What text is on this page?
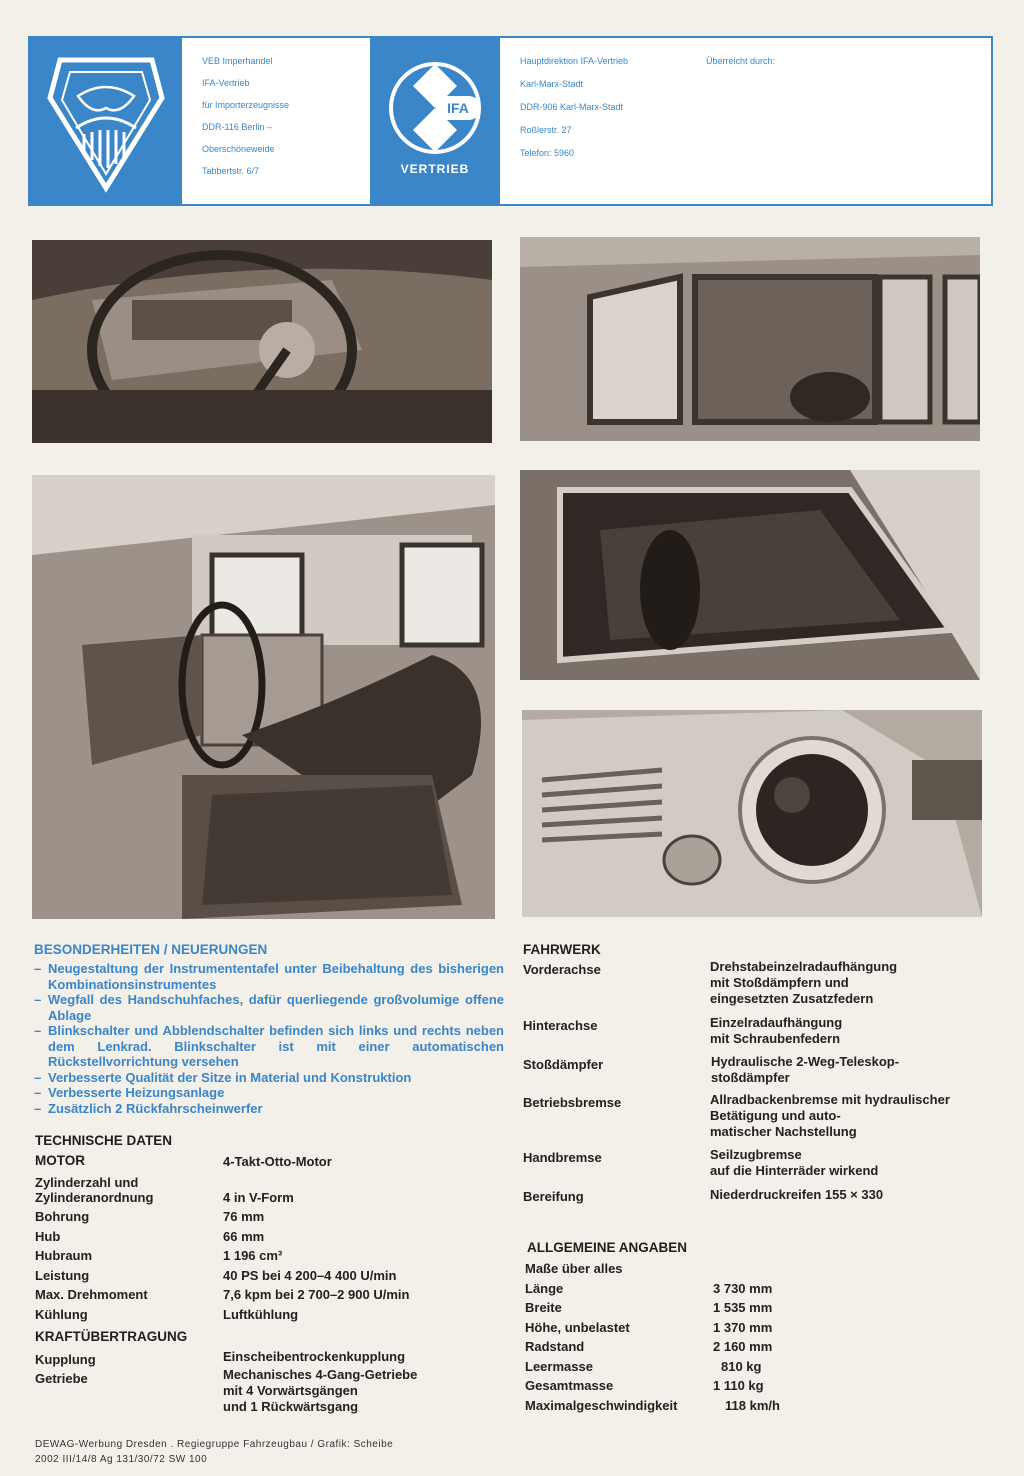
VEB Imperhandel
IFA-Vertrieb
für Importerzeugnisse
DDR-116 Berlin –
Oberschöneweide
Tabbertstr. 6/7
IFA
VERTRIEB
Hauptdirektion IFA-Vertrieb
Karl-Marx-Stadt
DDR-906 Karl-Marx-Stadt
Roßlerstr. 27
Telefon: 5960
Überreicht durch:
BESONDERHEITEN / NEUERUNGEN
– Neugestaltung der Instrumententafel unter Beibehaltung des bisherigen Kombinationsinstrumentes
– Wegfall des Handschuhfaches, dafür querliegende großvolumige offene Ablage
– Blinkschalter und Abblendschalter befinden sich links und rechts neben dem Lenkrad. Blinkschalter ist mit einer automatischen Rückstellvorrichtung versehen
– Verbesserte Qualität der Sitze in Material und Konstruktion
– Verbesserte Heizungsanlage
– Zusätzlich 2 Rückfahrscheinwerfer
TECHNISCHE DATEN
MOTOR	4-Takt-Otto-Motor
Zylinderzahl und
Zylinderanordnung	4 in V-Form
Bohrung	76 mm
Hub	66 mm
Hubraum	1 196 cm³
Leistung	40 PS bei 4 200–4 400 U/min
Max. Drehmoment	7,6 kpm bei 2 700–2 900 U/min
Kühlung	Luftkühlung
KRAFTÜBERTRAGUNG
Kupplung	Einscheibentrockenkupplung
Getriebe	Mechanisches 4-Gang-Getriebe
mit 4 Vorwärtsgängen
und 1 Rückwärtsgang
FAHRWERK
Vorderachse	Drehstabeinzelradaufhängung
mit Stoßdämpfern und
eingesetzten Zusatzfedern
Hinterachse	Einzelradaufhängung
mit Schraubenfedern
Stoßdämpfer	Hydraulische 2-Weg-Teleskop-
stoßdämpfer
Betriebsbremse	Allradbackenbremse mit hydraulischer
Betätigung und auto-
matischer Nachstellung
Handbremse	Seilzugbremse
auf die Hinterräder wirkend
Bereifung	Niederdruckreifen 155 × 330
ALLGEMEINE ANGABEN
Maße über alles
Länge	3 730 mm
Breite	1 535 mm
Höhe, unbelastet	1 370 mm
Radstand	2 160 mm
Leermasse	810 kg
Gesamtmasse	1 110 kg
Maximalgeschwindigkeit	118 km/h
DEWAG-Werbung Dresden . Regiegruppe Fahrzeugbau / Grafik: Scheibe
2002 III/14/8 Ag 131/30/72 SW 100
